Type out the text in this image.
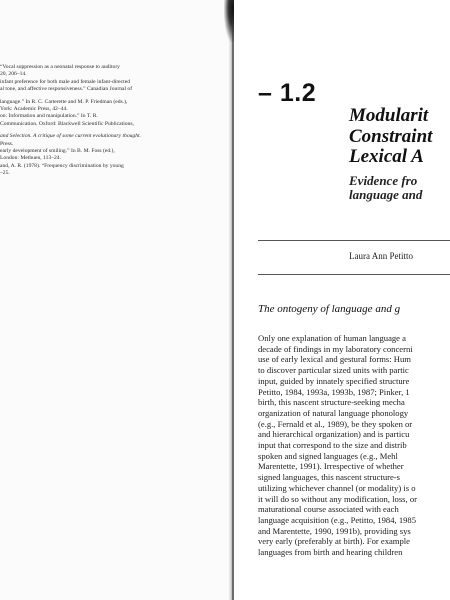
“Vocal suppression as a neonatal response to auditory
20, 206–14.
infant preference for both male and female infant-directed
al tone, and affective responsiveness.” Canadian Journal of
language.” In R. C. Carterette and M. P. Friedman (eds.),
York: Academic Press, 42–44.
on: Information and manipulation.” In T. R.
Communication. Oxford: Blackwell Scientific Publications,
and Selection. A critique of some current evolutionary thought.
Press.
early development of smiling.” In B. M. Foss (ed.),
London: Methuen, 113–24.
and, A. R. (1978). “Frequency discrimination by young
–25.
– 1.2
Modularit
Constraint
Lexical A
Evidence fro
language and
Laura Ann Petitto
The ontogeny of language and g
Only one explanation of human language a
decade of findings in my laboratory concerni
use of early lexical and gestural forms: Hum
to discover particular sized units with partic
input, guided by innately specified structure
Petitto, 1984, 1993a, 1993b, 1987; Pinker, 1
birth, this nascent structure-seeking mecha
organization of natural language phonology
(e.g., Fernald et al., 1989), be they spoken or
and hierarchical organization) and is particu
input that correspond to the size and distrib
spoken and signed languages (e.g., Mehl
Marentette, 1991). Irrespective of whether
signed languages, this nascent structure-s
utilizing whichever channel (or modality) is o
it will do so without any modification, loss, or
maturational course associated with each
language acquisition (e.g., Petitto, 1984, 1985
and Marentette, 1990, 1991b), providing sys
very early (preferably at birth). For example
languages from birth and hearing children
